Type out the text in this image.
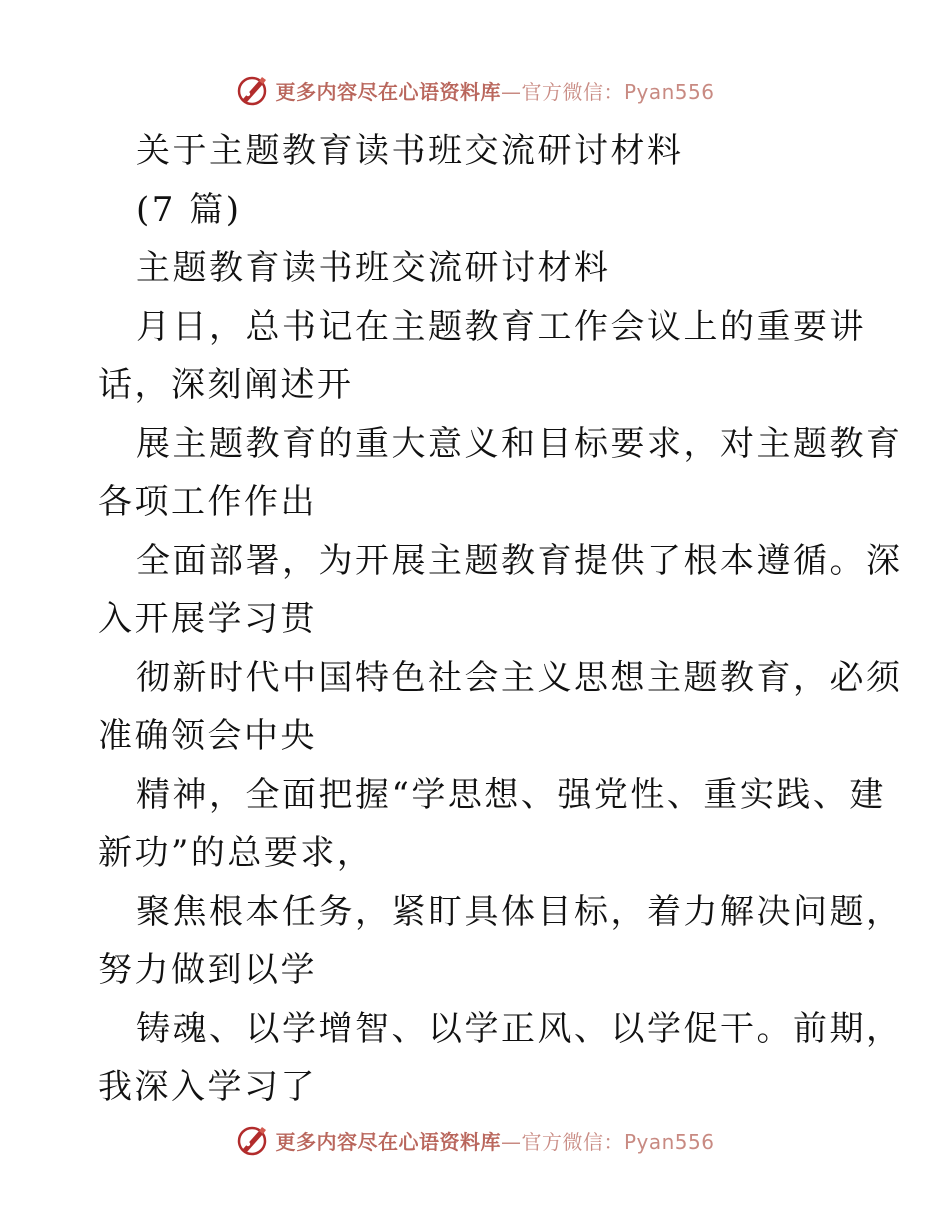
更多内容尽在心语资料库—官方微信：Pyan556
关于主题教育读书班交流研讨材料
(7 篇)
主题教育读书班交流研讨材料
月日，总书记在主题教育工作会议上的重要讲
话，深刻阐述开
展主题教育的重大意义和目标要求，对主题教育
各项工作作出
全面部署，为开展主题教育提供了根本遵循。深
入开展学习贯
彻新时代中国特色社会主义思想主题教育，必须
准确领会中央
精神，全面把握“学思想、强党性、重实践、建
新功”的总要求，
聚焦根本任务，紧盯具体目标，着力解决问题，
努力做到以学
铸魂、以学增智、以学正风、以学促干。前期，
我深入学习了
更多内容尽在心语资料库—官方微信：Pyan556
